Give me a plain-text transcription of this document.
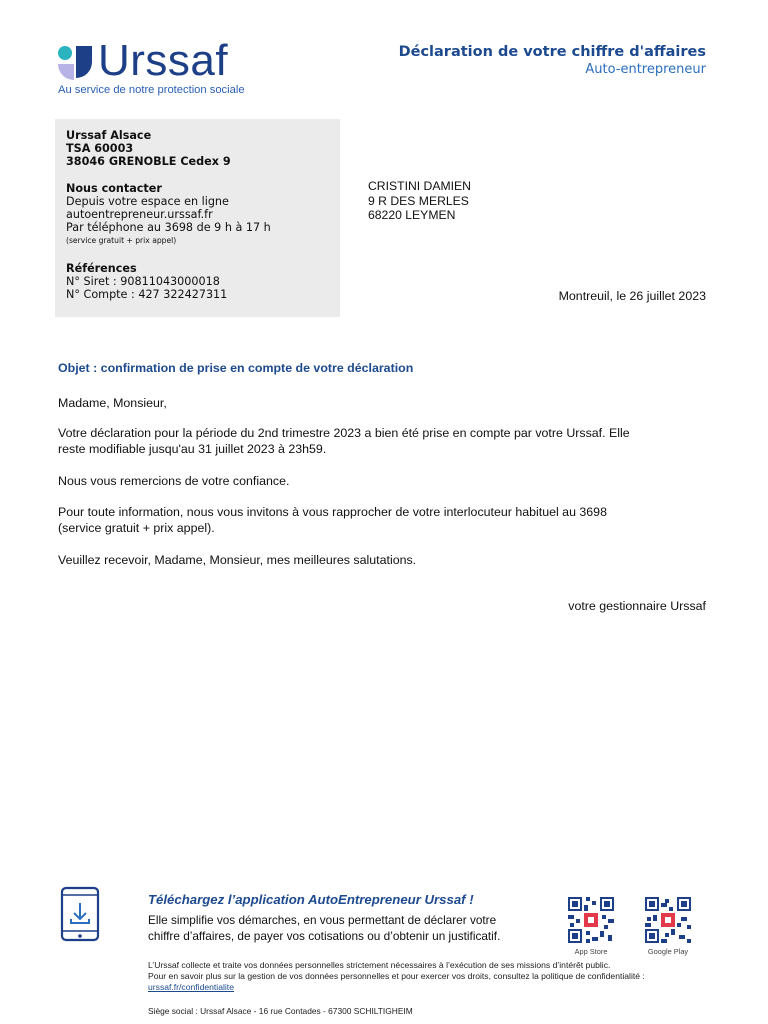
Urssaf
Au service de notre protection sociale
Déclaration de votre chiffre d'affaires
Auto-entrepreneur
Urssaf Alsace
TSA 60003
38046 GRENOBLE Cedex 9
Nous contacter
Depuis votre espace en ligne
autoentrepreneur.urssaf.fr
Par téléphone au 3698 de 9 h à 17 h
(service gratuit + prix appel)
Références
N° Siret : 90811043000018
N° Compte : 427 322427311
CRISTINI DAMIEN
9 R DES MERLES
68220 LEYMEN
Montreuil, le 26 juillet 2023
Objet : confirmation de prise en compte de votre déclaration
Madame, Monsieur,
Votre déclaration pour la période du 2nd trimestre 2023 a bien été prise en compte par votre Urssaf. Elle
reste modifiable jusqu'au 31 juillet 2023 à 23h59.
Nous vous remercions de votre confiance.
Pour toute information, nous vous invitons à vous rapprocher de votre interlocuteur habituel au 3698
(service gratuit + prix appel).
Veuillez recevoir, Madame, Monsieur, mes meilleures salutations.
votre gestionnaire Urssaf
Téléchargez l’application AutoEntrepreneur Urssaf !
Elle simplifie vos démarches, en vous permettant de déclarer votre
chiffre d’affaires, de payer vos cotisations ou d’obtenir un justificatif.
App Store	Google Play
L’Urssaf collecte et traite vos données personnelles strictement nécessaires à l’exécution de ses missions d’intérêt public.
Pour en savoir plus sur la gestion de vos données personnelles et pour exercer vos droits, consultez la politique de confidentialité :
urssaf.fr/confidentialite
Siège social : Urssaf Alsace - 16 rue Contades - 67300 SCHILTIGHEIM
